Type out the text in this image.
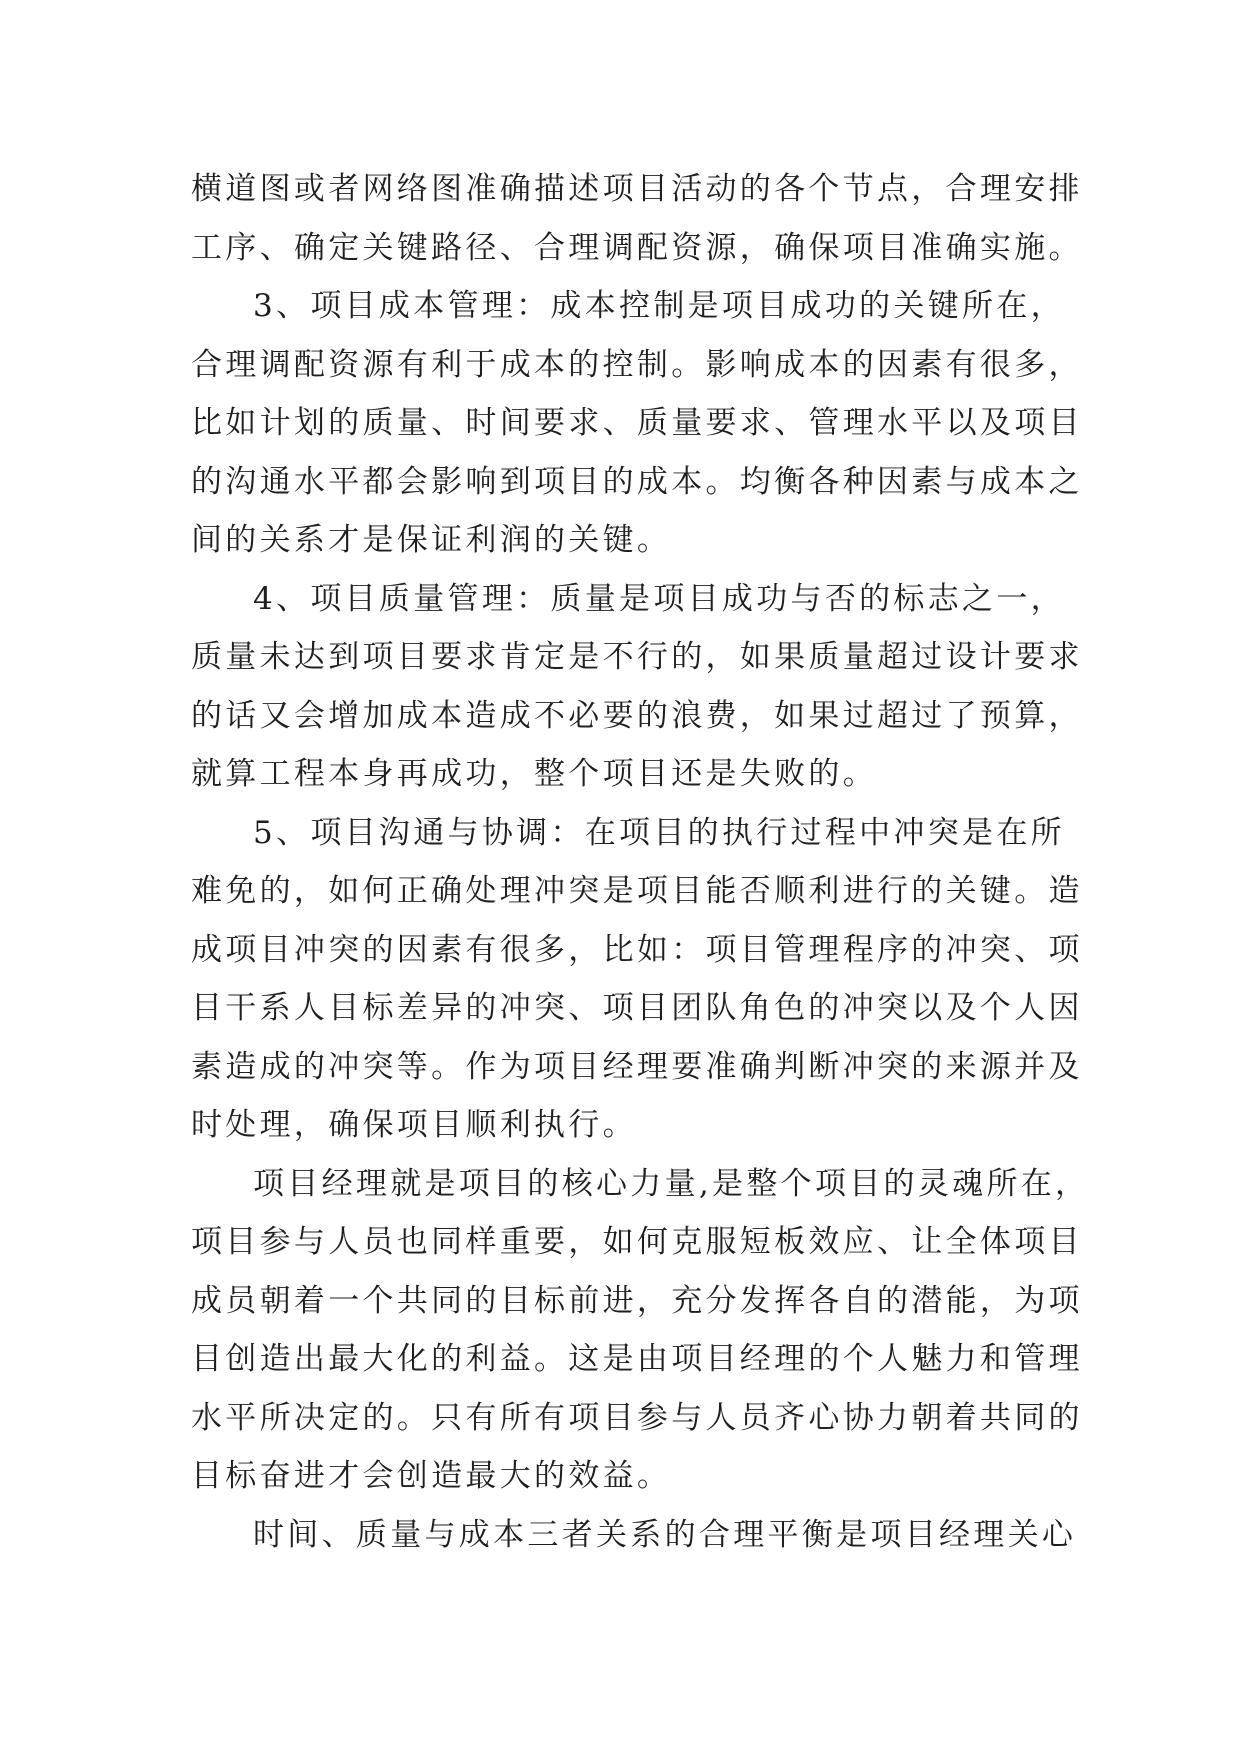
横道图或者网络图准确描述项目活动的各个节点，合理安排
工序、确定关键路径、合理调配资源，确保项目准确实施。
3、项目成本管理：成本控制是项目成功的关键所在，
合理调配资源有利于成本的控制。影响成本的因素有很多，
比如计划的质量、时间要求、质量要求、管理水平以及项目
的沟通水平都会影响到项目的成本。均衡各种因素与成本之
间的关系才是保证利润的关键。
4、项目质量管理：质量是项目成功与否的标志之一，
质量未达到项目要求肯定是不行的，如果质量超过设计要求
的话又会增加成本造成不必要的浪费，如果过超过了预算，
就算工程本身再成功，整个项目还是失败的。
5、项目沟通与协调：在项目的执行过程中冲突是在所
难免的，如何正确处理冲突是项目能否顺利进行的关键。造
成项目冲突的因素有很多，比如：项目管理程序的冲突、项
目干系人目标差异的冲突、项目团队角色的冲突以及个人因
素造成的冲突等。作为项目经理要准确判断冲突的来源并及
时处理，确保项目顺利执行。
项目经理就是项目的核心力量,是整个项目的灵魂所在，
项目参与人员也同样重要，如何克服短板效应、让全体项目
成员朝着一个共同的目标前进，充分发挥各自的潜能，为项
目创造出最大化的利益。这是由项目经理的个人魅力和管理
水平所决定的。只有所有项目参与人员齐心协力朝着共同的
目标奋进才会创造最大的效益。
时间、质量与成本三者关系的合理平衡是项目经理关心
